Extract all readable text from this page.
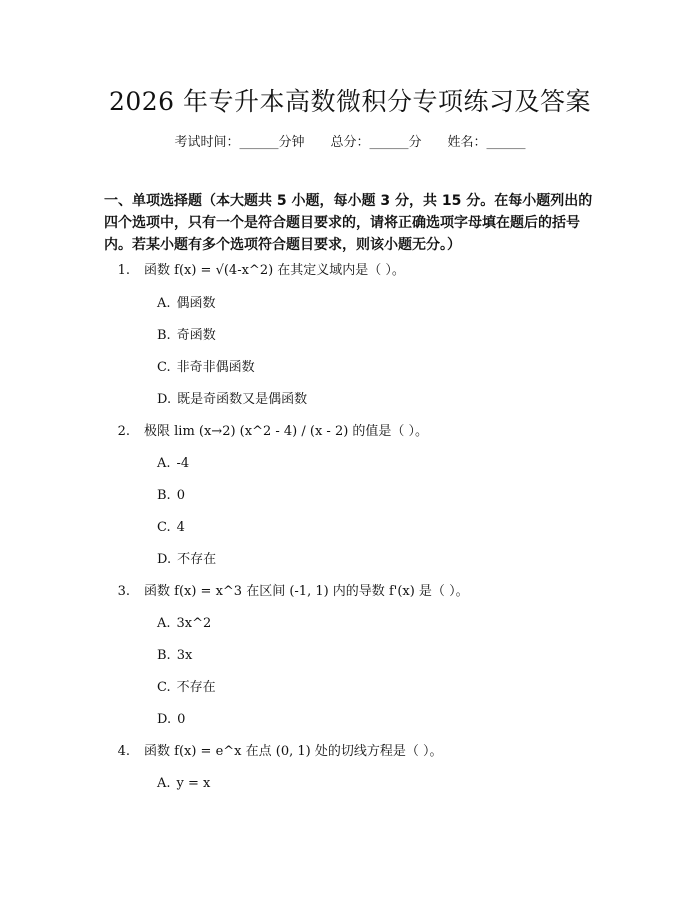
2026 年专升本高数微积分专项练习及答案
考试时间：______分钟 总分：______分 姓名：______
一、单项选择题（本大题共 5 小题，每小题 3 分，共 15 分。在每小题列出的四个选项中，只有一个是符合题目要求的，请将正确选项字母填在题后的括号内。若某小题有多个选项符合题目要求，则该小题无分。）
1. 函数 f(x) = √(4-x^2) 在其定义域内是（ ）。
A. 偶函数
B. 奇函数
C. 非奇非偶函数
D. 既是奇函数又是偶函数
2. 极限 lim (x→2) (x^2 - 4) / (x - 2) 的值是（ ）。
A. -4
B. 0
C. 4
D. 不存在
3. 函数 f(x) = x^3 在区间 (-1, 1) 内的导数 f'(x) 是（ ）。
A. 3x^2
B. 3x
C. 不存在
D. 0
4. 函数 f(x) = e^x 在点 (0, 1) 处的切线方程是（ ）。
A. y = x
